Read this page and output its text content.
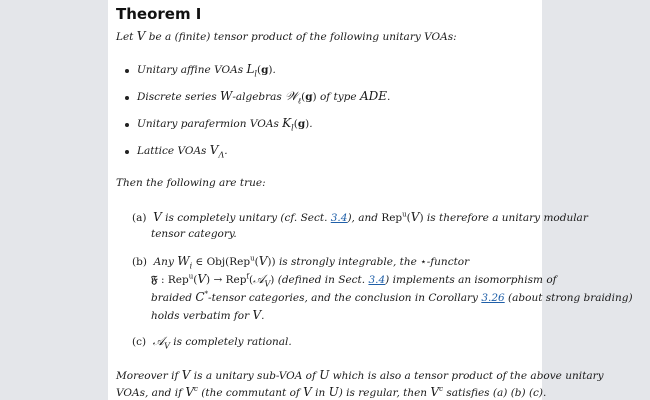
Theorem I
Let V be a (finite) tensor product of the following unitary VOAs:
Unitary affine VOAs $L_l(g)$.
Discrete series W-algebras 𝒲$_\ell$(g) of type ADE.
Unitary parafermion VOAs $K_l(g)$.
Lattice VOAs $V_\Lambda$.
Then the following are true:
(a) V is completely unitary (cf. Sect. 3.4), and Rep$^u$(V) is therefore a unitary modular
tensor category.
(b)  Any $W_i$ ∈ Obj(Rep$^u$(V)) is strongly integrable, the ⋆-functor
𝔉 : Rep$^u$(V) → Rep$^f$(𝒜$_V$) (defined in Sect. 3.4) implements an isomorphism of
braided C*-tensor categories, and the conclusion in Corollary 3.26 (about strong braiding)
holds verbatim for V.
(c) 𝒜$_V$ is completely rational.
Moreover if V is a unitary sub-VOA of U which is also a tensor product of the above unitary
VOAs, and if $V^c$ (the commutant of V in U) is regular, then $V^c$ satisfies (a) (b) (c).
